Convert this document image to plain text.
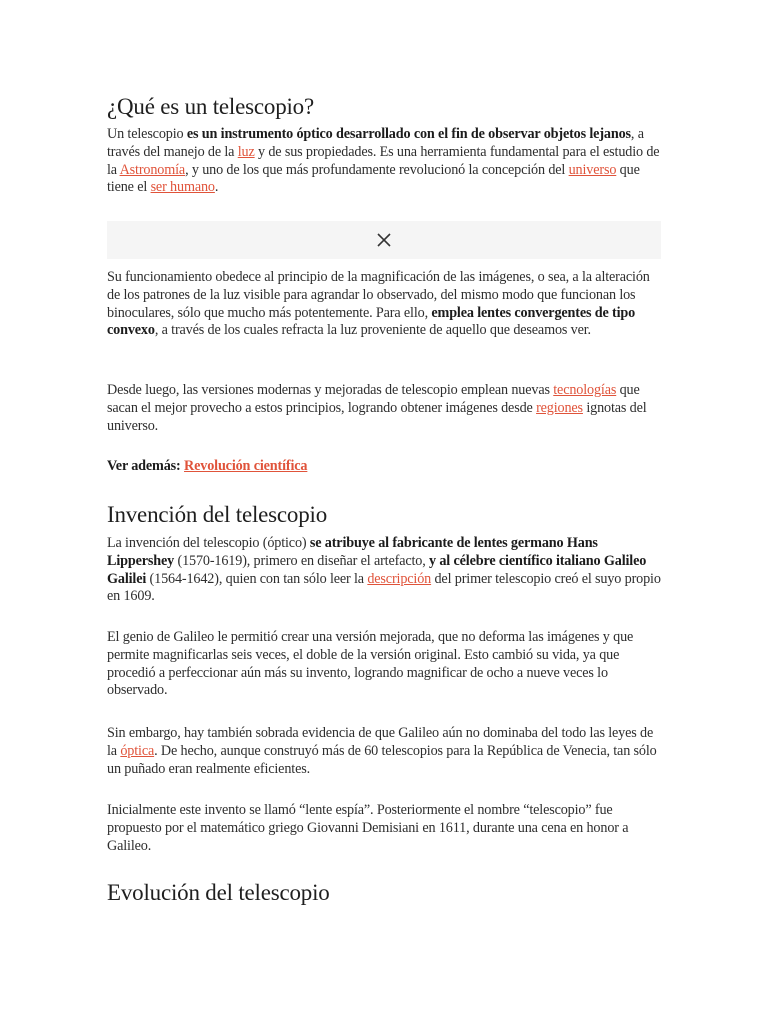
¿Qué es un telescopio?

Un telescopio es un instrumento óptico desarrollado con el fin de observar objetos lejanos, a través del manejo de la luz y de sus propiedades. Es una herramienta fundamental para el estudio de la Astronomía, y uno de los que más profundamente revolucionó la concepción del universo que tiene el ser humano.

Su funcionamiento obedece al principio de la magnificación de las imágenes, o sea, a la alteración de los patrones de la luz visible para agrandar lo observado, del mismo modo que funcionan los binoculares, sólo que mucho más potentemente. Para ello, emplea lentes convergentes de tipo convexo, a través de los cuales refracta la luz proveniente de aquello que deseamos ver.

Desde luego, las versiones modernas y mejoradas de telescopio emplean nuevas tecnologías que sacan el mejor provecho a estos principios, logrando obtener imágenes desde regiones ignotas del universo.

Ver además: Revolución científica

Invención del telescopio

La invención del telescopio (óptico) se atribuye al fabricante de lentes germano Hans Lippershey (1570-1619), primero en diseñar el artefacto, y al célebre científico italiano Galileo Galilei (1564-1642), quien con tan sólo leer la descripción del primer telescopio creó el suyo propio en 1609.

El genio de Galileo le permitió crear una versión mejorada, que no deforma las imágenes y que permite magnificarlas seis veces, el doble de la versión original. Esto cambió su vida, ya que procedió a perfeccionar aún más su invento, logrando magnificar de ocho a nueve veces lo observado.

Sin embargo, hay también sobrada evidencia de que Galileo aún no dominaba del todo las leyes de la óptica. De hecho, aunque construyó más de 60 telescopios para la República de Venecia, tan sólo un puñado eran realmente eficientes.

Inicialmente este invento se llamó “lente espía”. Posteriormente el nombre “telescopio” fue propuesto por el matemático griego Giovanni Demisiani en 1611, durante una cena en honor a Galileo.

Evolución del telescopio
